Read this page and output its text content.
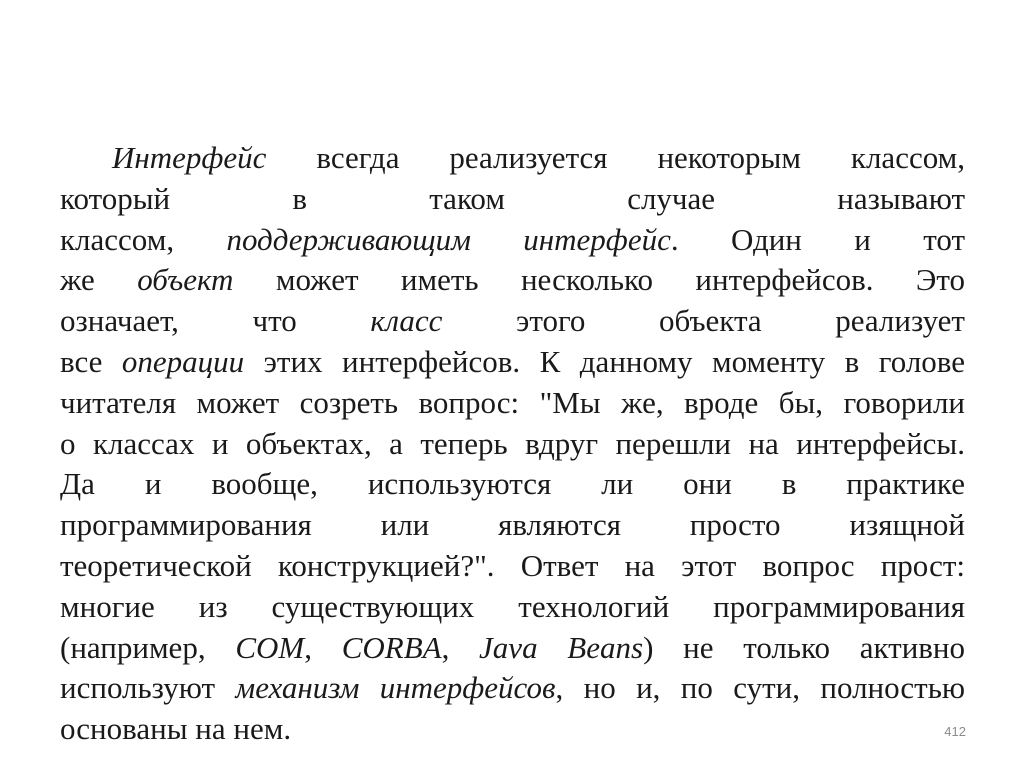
Интерфейс всегда реализуется некоторым классом,
который в таком случае называют
классом, поддерживающим интерфейс. Один и тот
же объект может иметь несколько интерфейсов. Это
означает, что класс этого объекта реализует
все операции этих интерфейсов. К данному моменту в голове
читателя может созреть вопрос: "Мы же, вроде бы, говорили
о классах и объектах, а теперь вдруг перешли на интерфейсы.
Да и вообще, используются ли они в практике
программирования или являются просто изящной
теоретической конструкцией?". Ответ на этот вопрос прост:
многие из существующих технологий программирования
(например, COM, CORBA, Java Beans) не только активно
используют механизм интерфейсов, но и, по сути, полностью
основаны на нем.	412
